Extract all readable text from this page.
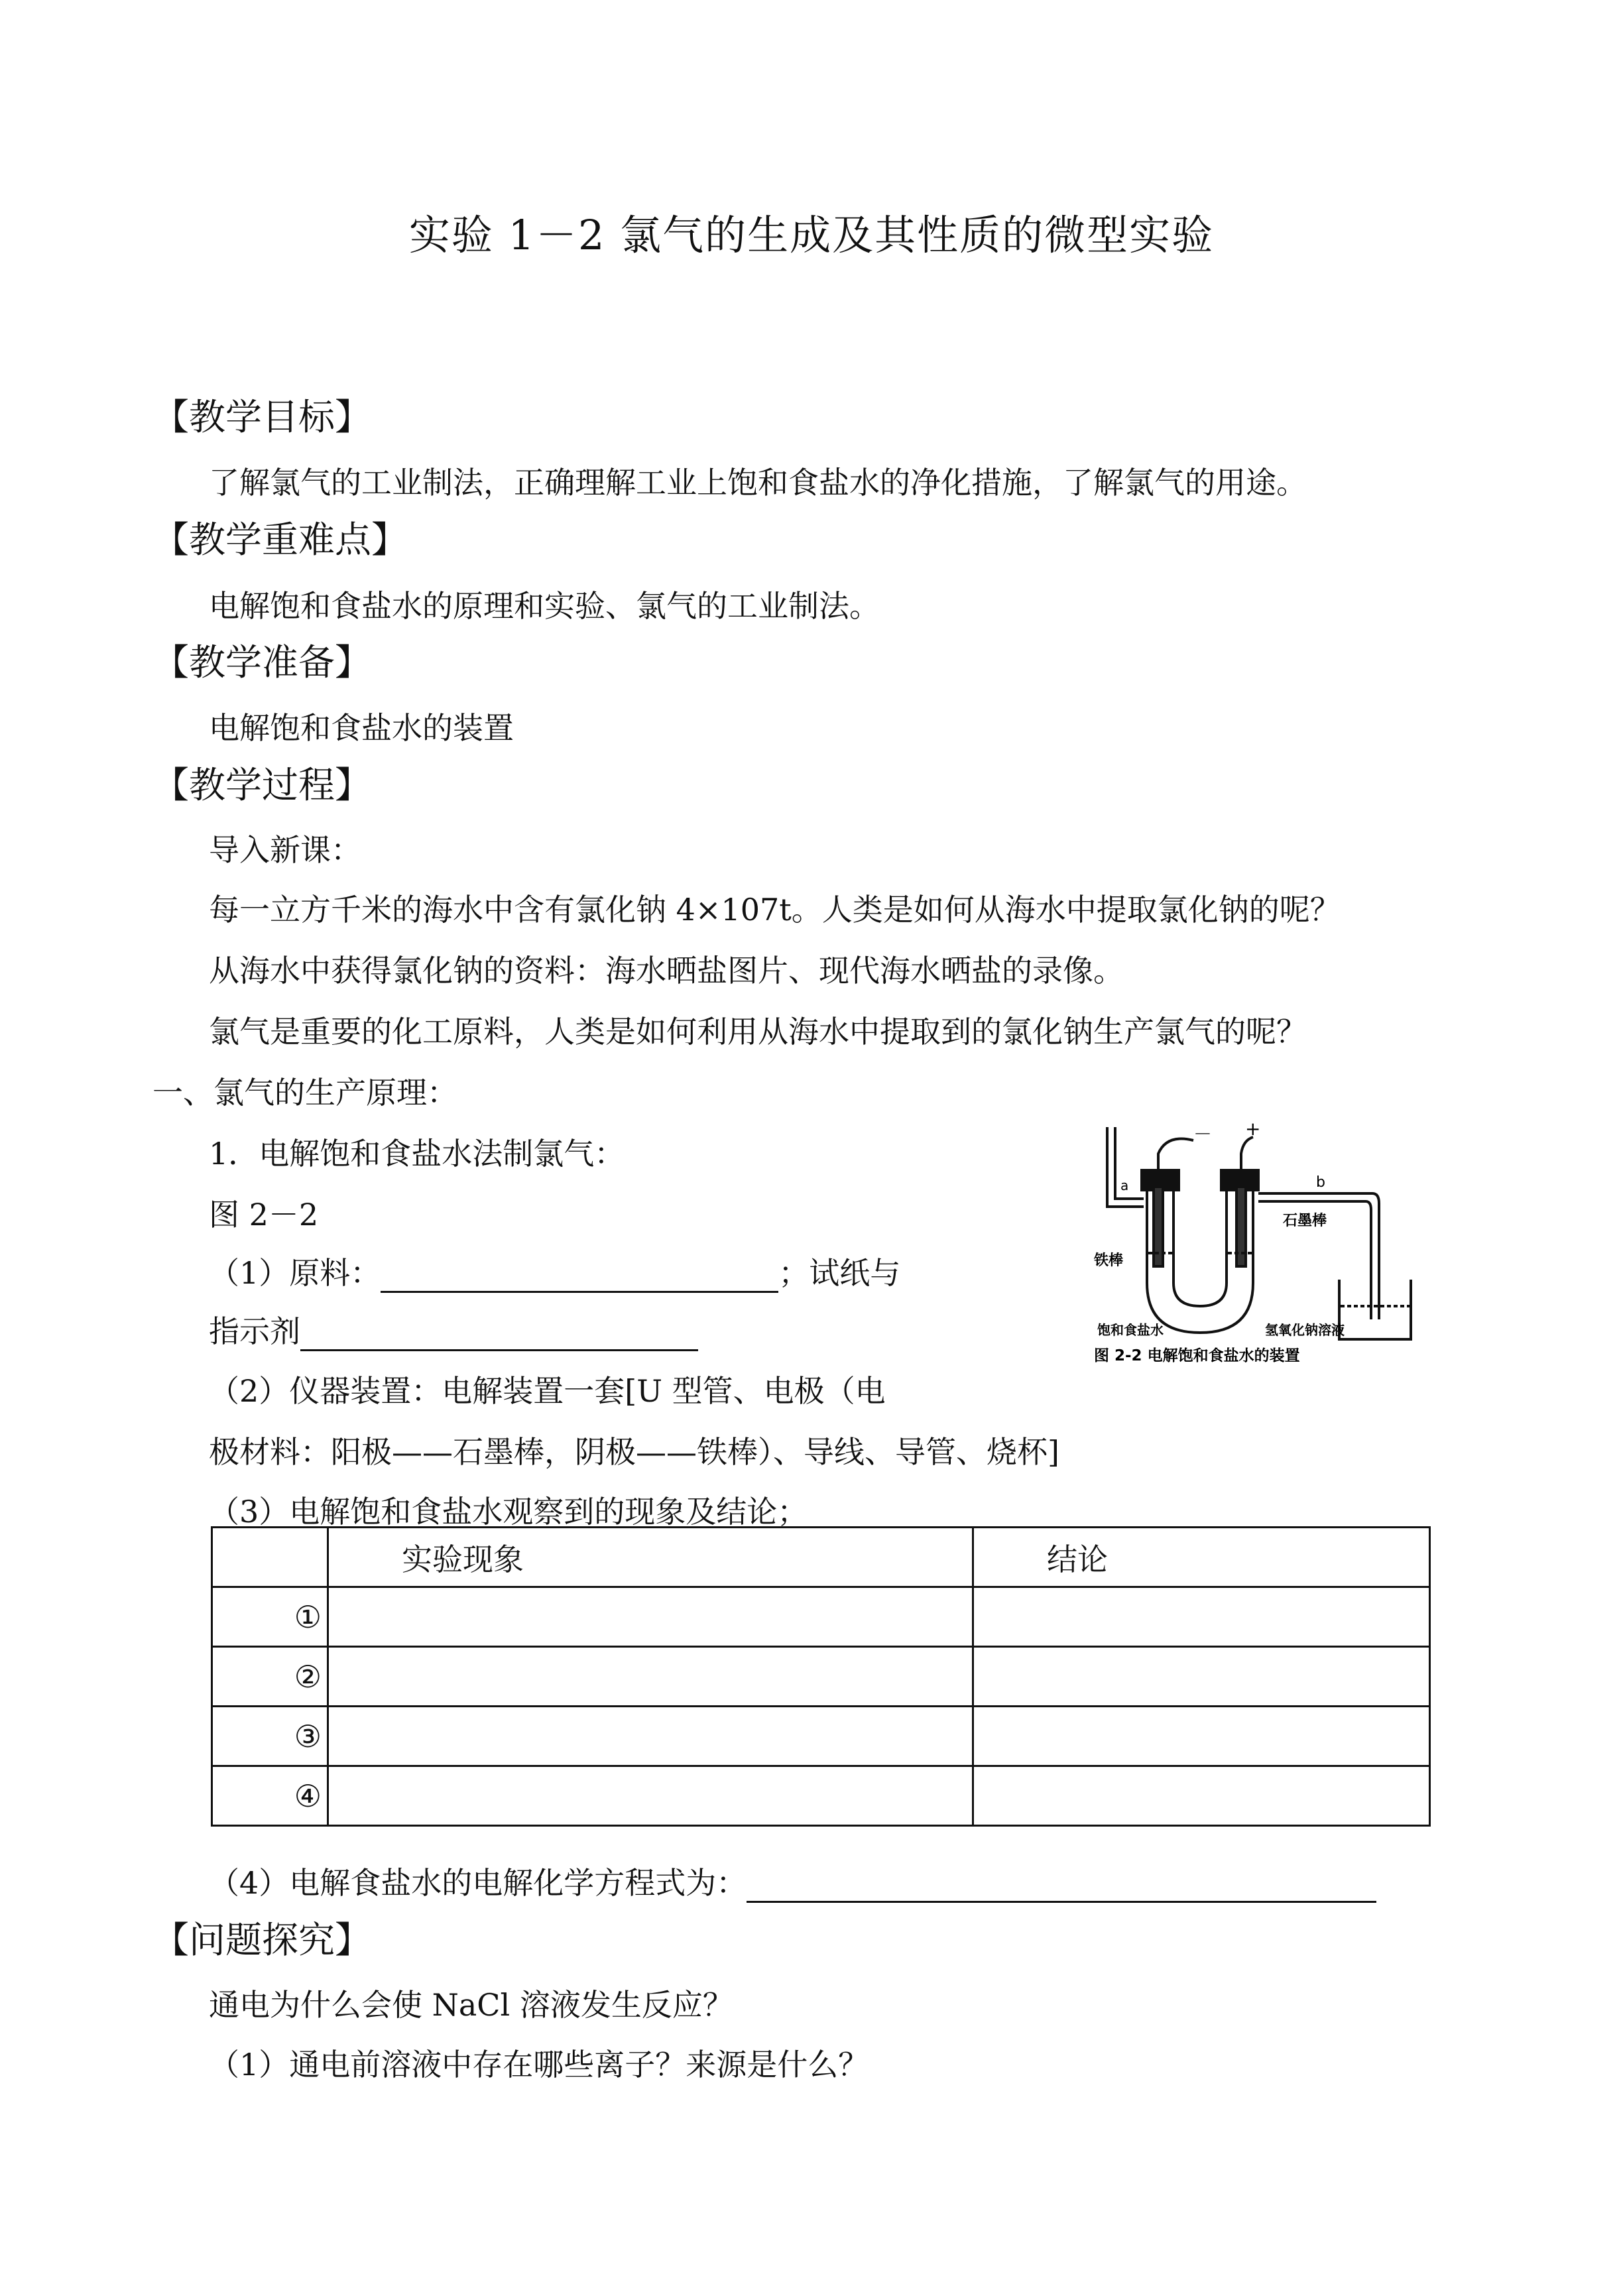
实验 1－2 氯气的生成及其性质的微型实验
【教学目标】
了解氯气的工业制法，正确理解工业上饱和食盐水的净化措施，了解氯气的用途。
【教学重难点】
电解饱和食盐水的原理和实验、氯气的工业制法。
【教学准备】
电解饱和食盐水的装置
【教学过程】
导入新课：
每一立方千米的海水中含有氯化钠 4×107t。人类是如何从海水中提取氯化钠的呢？
从海水中获得氯化钠的资料：海水晒盐图片、现代海水晒盐的录像。
氯气是重要的化工原料，人类是如何利用从海水中提取到的氯化钠生产氯气的呢？
一、氯气的生产原理：
1．电解饱和食盐水法制氯气：
图 2－2
（1）原料：	；试纸与
指示剂
（2）仪器装置：电解装置一套[U 型管、电极（电
极材料：阳极——石墨棒，阴极——铁棒）、导线、导管、烧杯]
（3）电解饱和食盐水观察到的现象及结论；
	实验现象	结论
①		
②		
③		
④		
（4）电解食盐水的电解化学方程式为：
【问题探究】
通电为什么会使 NaCl 溶液发生反应？
（1）通电前溶液中存在哪些离子？来源是什么？
－ +
a	b
石墨棒
铁棒
饱和食盐水	氢氧化钠溶液
图 2-2 电解饱和食盐水的装置
